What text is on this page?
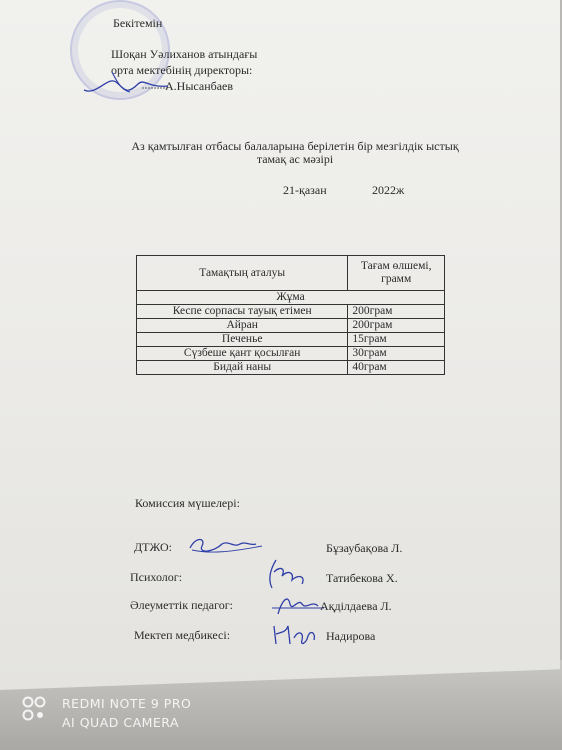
Бекітемін
Шоқан Уәлиханов атындағы
орта мектебінің директоры:
А.Нысанбаев
Аз қамтылған отбасы балаларына берілетін бір мезгілдік ыстық тамақ ас мәзірі
21-қазан	2022ж
Тамақтың аталуы	Тағам өлшемі, грамм
Жұма	
Кеспе сорпасы тауық етімен	200грам
Айран	200грам
Печенье	15грам
Сүзбеше қант қосылған	30грам
Бидай наны	40грам
Комиссия мүшелері:
ДТЖО:	Бұзаубақова Л.
Психолог:	Татибекова Х.
Әлеуметтік педагог:	Ақділдаева Л.
Мектеп медбикесі:	Надирова
REDMI NOTE 9 PRO
AI QUAD CAMERA
